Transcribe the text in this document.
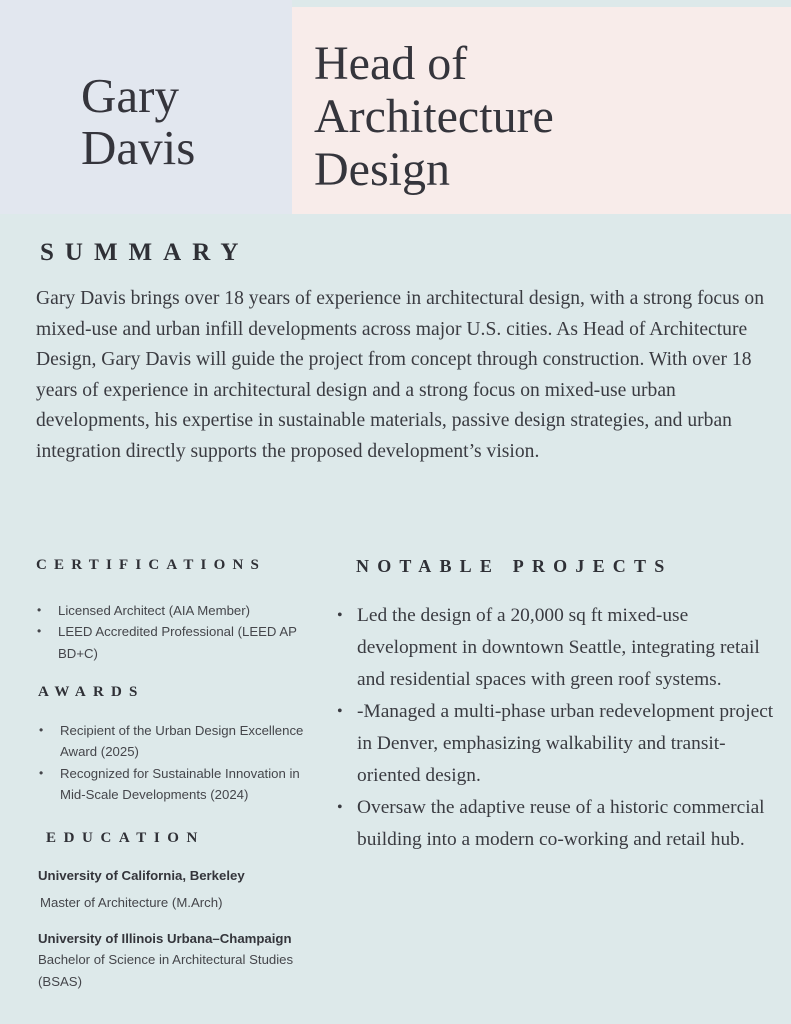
Gary
Davis
Head of
Architecture
Design
SUMMARY

Gary Davis brings over 18 years of experience in architectural design, with a strong focus on mixed-use and urban infill developments across major U.S. cities. As Head of Architecture Design, Gary Davis will guide the project from concept through construction. With over 18 years of experience in architectural design and a strong focus on mixed-use urban developments, his expertise in sustainable materials, passive design strategies, and urban integration directly supports the proposed development’s vision.

CERTIFICATIONS
• Licensed Architect (AIA Member)
• LEED Accredited Professional (LEED AP BD+C)
AWARDS
• Recipient of the Urban Design Excellence Award (2025)
• Recognized for Sustainable Innovation in Mid-Scale Developments (2024)
EDUCATION
University of California, Berkeley
Master of Architecture (M.Arch)
University of Illinois Urbana–Champaign
Bachelor of Science in Architectural Studies (BSAS)
NOTABLE PROJECTS
• Led the design of a 20,000 sq ft mixed-use development in downtown Seattle, integrating retail and residential spaces with green roof systems.
• -Managed a multi-phase urban redevelopment project in Denver, emphasizing walkability and transit-oriented design.
• Oversaw the adaptive reuse of a historic commercial building into a modern co-working and retail hub.
